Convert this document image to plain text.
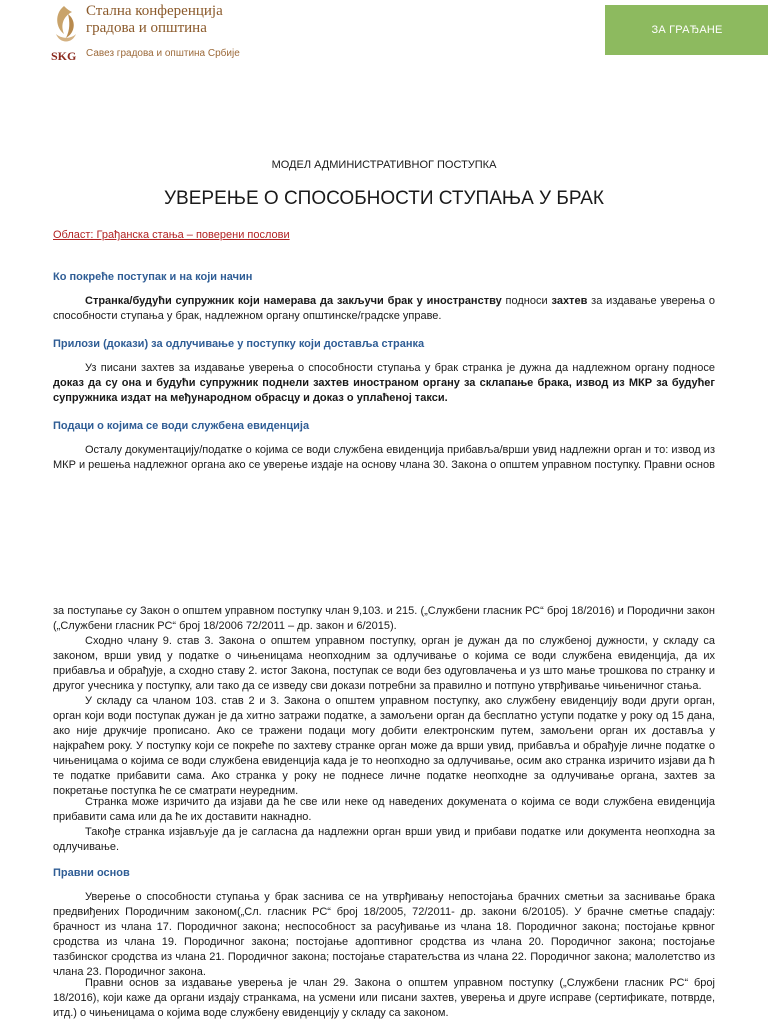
SKG
Стална конференција
градова и општина
Савез градова и општина Србије
ЗА ГРАЂАНЕ
МОДЕЛ АДМИНИСТРАТИВНОГ ПОСТУПКА
УВЕРЕЊЕ О СПОСОБНОСТИ СТУПАЊА У БРАК
Област: Грађанска стања – поверени послови
Ко покреће поступак и на који начин
Странка/будући супружник који намерава да закључи брак у иностранству подноси захтев за издавање уверења о способности ступања у брак, надлежном органу општинске/градске управе.
Прилози (докази) за одлучивање у поступку који доставља странка
Уз писани захтев за издавање уверења о способности ступања у брак странка је дужна да надлежном органу подносе доказ да су она и будући супружник поднели захтев иностраном органу за склапање брака, извод из МКР за будућег супружника издат на међународном обрасцу и доказ о уплаћеној такси.
Подаци о којима се води службена евиденција
Осталу документацију/податке о којима се води службена евиденција прибавља/врши увид надлежни орган и то: извод из МКР и решења надлежног органа ако се уверење издаје на основу члана 30. Закона о општем управном поступку. Правни основ
за поступање су Закон о општем управном поступку члан 9,103. и 215. („Службени гласник РС“ број 18/2016) и Породични закон („Службени гласник РС“ број 18/2006 72/2011 – др. закон и 6/2015).
Сходно члану 9. став 3. Закона о општем управном поступку, орган је дужан да по службеној дужности, у складу са законом, врши увид у податке о чињеницама неопходним за одлучивање о којима се води службена евиденција, да их прибавља и обрађује, а сходно ставу 2. истог Закона, поступак се води без одуговлачења и уз што мање трошкова по странку и другог учесника у поступку, али тако да се изведу сви докази потребни за правилно и потпуно утврђивање чињеничног стања.
У складу са чланом 103. став 2 и 3. Закона о општем управном поступку, ако службену евиденцију води други орган, орган који води поступак дужан је да хитно затражи податке, а замољени орган да бесплатно уступи податке у року од 15 дана, ако није друкчије прописано. Ако се тражени подаци могу добити електронским путем, замољени орган их доставља у најкраћем року. У поступку који се покреће по захтеву странке орган може да врши увид, прибавља и обрађује личне податке о чињеницама о којима се води службена евиденција када је то неопходно за одлучивање, осим ако странка изричито изјави да ћ те податке прибавити сама. Ако странка у року не поднесе личне податке неопходне за одлучивање органа, захтев за покретање поступка ће се сматрати неуредним.
Странка може изричито да изјави да ће све или неке од наведених докумената о којима се води службена евиденција прибавити сама или да ће их доставити накнадно.
Такође странка изјављује да је сагласна да надлежни орган врши увид и прибави податке или документа неопходна за одлучивање.
Правни основ
Уверење о способности ступања у брак заснива се на утврђивању непостојања брачних сметњи за заснивање брака предвиђених Породичним законом(„Сл. гласник РС“ број 18/2005, 72/2011- др. закони 6/20105). У брачне сметње спадају: брачност из члана 17. Породичног закона; неспособност за расуђивање из члана 18. Породичног закона; постојање крвног сродства из члана 19. Породичног закона; постојање адоптивног сродства из члана 20. Породичног закона; постојање тазбинског сродства из члана 21. Породичног закона; постојање старатељства из члана 22. Породичног закона; малолетство из члана 23. Породичног закона.
Правни основ за издавање уверења је члан 29. Закона о општем управном поступку („Службени гласник РС“ број 18/2016), који каже да органи издају странкама, на усмени или писани захтев, уверења и друге исправе (сертификате, потврде, итд.) о чињеницама о којима воде службену евиденцију у складу са законом.
